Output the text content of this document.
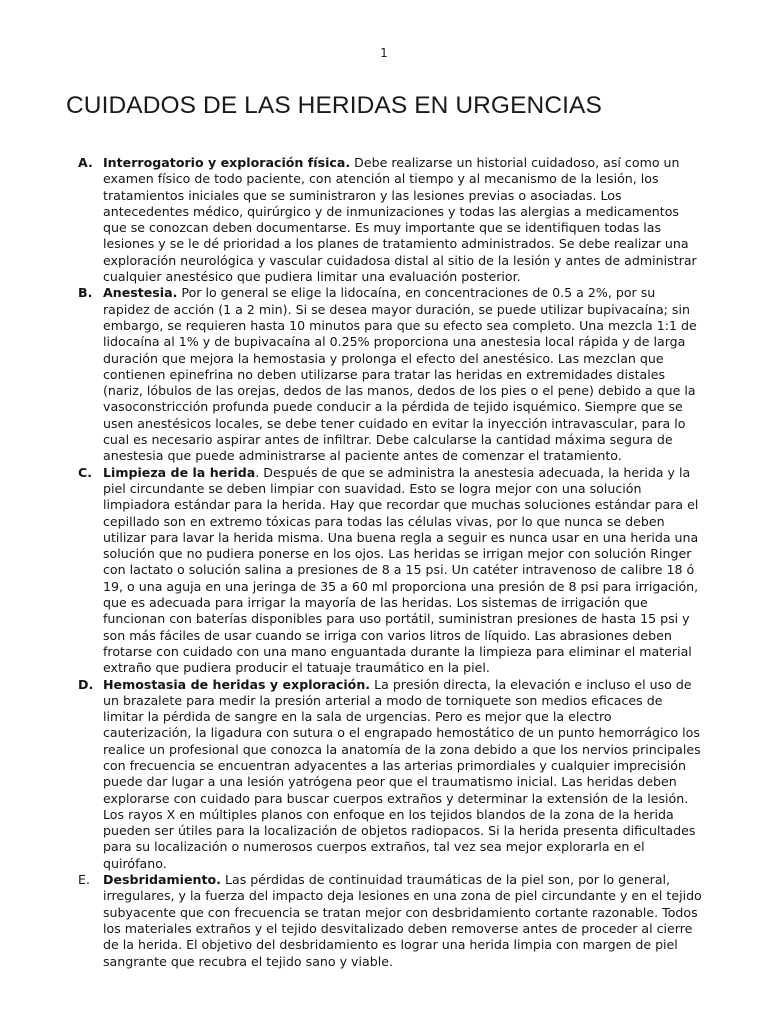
1
CUIDADOS DE LAS HERIDAS EN URGENCIAS
A. Interrogatorio y exploración física. Debe realizarse un historial cuidadoso, así como un examen físico de todo paciente, con atención al tiempo y al mecanismo de la lesión, los tratamientos iniciales que se suministraron y las lesiones previas o asociadas. Los antecedentes médico, quirúrgico y de inmunizaciones y todas las alergias a medicamentos que se conozcan deben documentarse. Es muy importante que se identifiquen todas las lesiones y se le dé prioridad a los planes de tratamiento administrados. Se debe realizar una exploración neurológica y vascular cuidadosa distal al sitio de la lesión y antes de administrar cualquier anestésico que pudiera limitar una evaluación posterior.
B. Anestesia. Por lo general se elige la lidocaína, en concentraciones de 0.5 a 2%, por su rapidez de acción (1 a 2 min). Si se desea mayor duración, se puede utilizar bupivacaína; sin embargo, se requieren hasta 10 minutos para que su efecto sea completo. Una mezcla 1:1 de lidocaína al 1% y de bupivacaína al 0.25% proporciona una anestesia local rápida y de larga duración que mejora la hemostasia y prolonga el efecto del anestésico. Las mezclan que contienen epinefrina no deben utilizarse para tratar las heridas en extremidades distales (nariz, lóbulos de las orejas, dedos de las manos, dedos de los pies o el pene) debido a que la vasoconstricción profunda puede conducir a la pérdida de tejido isquémico. Siempre que se usen anestésicos locales, se debe tener cuidado en evitar la inyección intravascular, para lo cual es necesario aspirar antes de infiltrar. Debe calcularse la cantidad máxima segura de anestesia que puede administrarse al paciente antes de comenzar el tratamiento.
C. Limpieza de la herida. Después de que se administra la anestesia adecuada, la herida y la piel circundante se deben limpiar con suavidad. Esto se logra mejor con una solución limpiadora estándar para la herida. Hay que recordar que muchas soluciones estándar para el cepillado son en extremo tóxicas para todas las células vivas, por lo que nunca se deben utilizar para lavar la herida misma. Una buena regla a seguir es nunca usar en una herida una solución que no pudiera ponerse en los ojos. Las heridas se irrigan mejor con solución Ringer con lactato o solución salina a presiones de 8 a 15 psi. Un catéter intravenoso de calibre 18 ó 19, o una aguja en una jeringa de 35 a 60 ml proporciona una presión de 8 psi para irrigación, que es adecuada para irrigar la mayoría de las heridas. Los sistemas de irrigación que funcionan con baterías disponibles para uso portátil, suministran presiones de hasta 15 psi y son más fáciles de usar cuando se irriga con varios litros de líquido. Las abrasiones deben frotarse con cuidado con una mano enguantada durante la limpieza para eliminar el material extraño que pudiera producir el tatuaje traumático en la piel.
D. Hemostasia de heridas y exploración. La presión directa, la elevación e incluso el uso de un brazalete para medir la presión arterial a modo de torniquete son medios eficaces de limitar la pérdida de sangre en la sala de urgencias. Pero es mejor que la electro cauterización, la ligadura con sutura o el engrapado hemostático de un punto hemorrágico los realice un profesional que conozca la anatomía de la zona debido a que los nervios principales con frecuencia se encuentran adyacentes a las arterias primordiales y cualquier imprecisión puede dar lugar a una lesión yatrógena peor que el traumatismo inicial. Las heridas deben explorarse con cuidado para buscar cuerpos extraños y determinar la extensión de la lesión. Los rayos X en múltiples planos con enfoque en los tejidos blandos de la zona de la herida pueden ser útiles para la localización de objetos radiopacos. Si la herida presenta dificultades para su localización o numerosos cuerpos extraños, tal vez sea mejor explorarla en el quirófano.
E. Desbridamiento. Las pérdidas de continuidad traumáticas de la piel son, por lo general, irregulares, y la fuerza del impacto deja lesiones en una zona de piel circundante y en el tejido subyacente que con frecuencia se tratan mejor con desbridamiento cortante razonable. Todos los materiales extraños y el tejido desvitalizado deben removerse antes de proceder al cierre de la herida. El objetivo del desbridamiento es lograr una herida limpia con margen de piel sangrante que recubra el tejido sano y viable.
